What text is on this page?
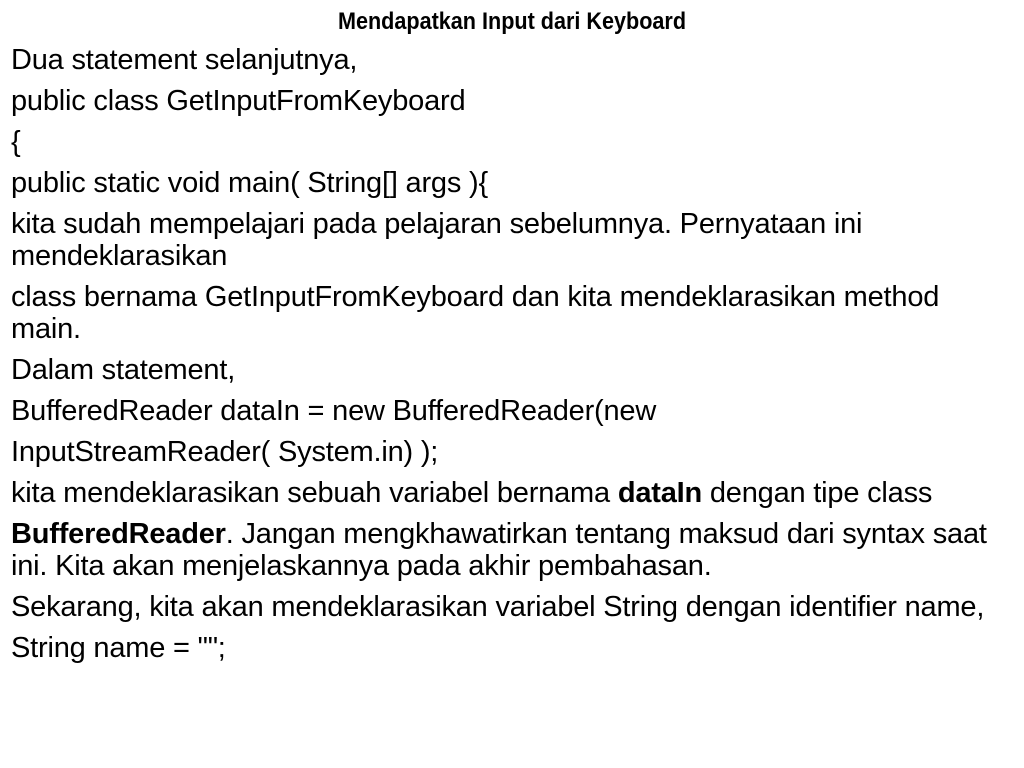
Mendapatkan Input dari Keyboard
Dua statement selanjutnya,
public class GetInputFromKeyboard
{
public static void main( String[] args ){
kita sudah mempelajari pada pelajaran sebelumnya. Pernyataan ini mendeklarasikan
class bernama GetInputFromKeyboard dan kita mendeklarasikan method main.
Dalam statement,
BufferedReader dataIn = new BufferedReader(new
InputStreamReader( System.in) );
kita mendeklarasikan sebuah variabel bernama dataIn dengan tipe class
BufferedReader. Jangan mengkhawatirkan tentang maksud dari syntax saat ini. Kita akan menjelaskannya pada akhir pembahasan.
Sekarang, kita akan mendeklarasikan variabel String dengan identifier name,
String name = "";
